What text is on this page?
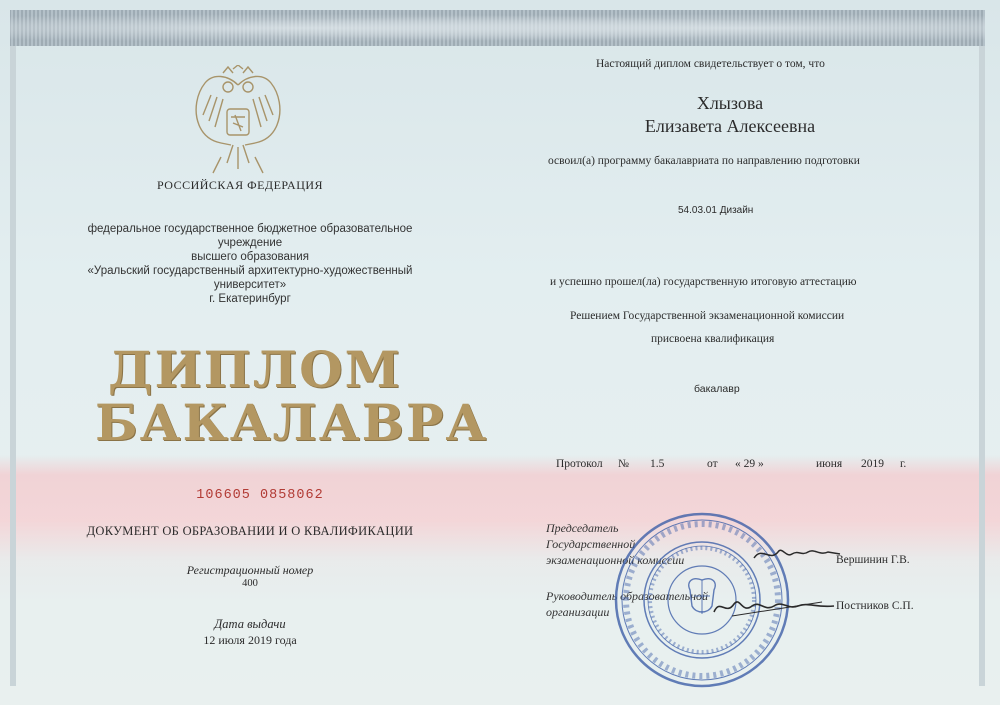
РОССИЙСКАЯ ФЕДЕРАЦИЯ
федеральное государственное бюджетное образовательное учреждение
высшего образования
«Уральский государственный архитектурно-художественный университет»
г. Екатеринбург
ДИПЛОМ
БАКАЛАВРА
106605 0858062
ДОКУМЕНТ ОБ ОБРАЗОВАНИИ И О КВАЛИФИКАЦИИ
Регистрационный номер
400
Дата выдачи
12 июля 2019 года
Настоящий диплом свидетельствует о том, что
Хлызова
Елизавета Алексеевна
освоил(а) программу бакалавриата по направлению подготовки
54.03.01 Дизайн
и успешно прошел(ла) государственную итоговую аттестацию
Решением Государственной экзаменационной комиссии
присвоена квалификация
бакалавр
Протокол № 1.5	от « 29 »	июня 2019 г.
Председатель
Государственной
экзаменационной комиссии
Руководитель образовательной
организации
Вершинин Г.В.
Постников С.П.
